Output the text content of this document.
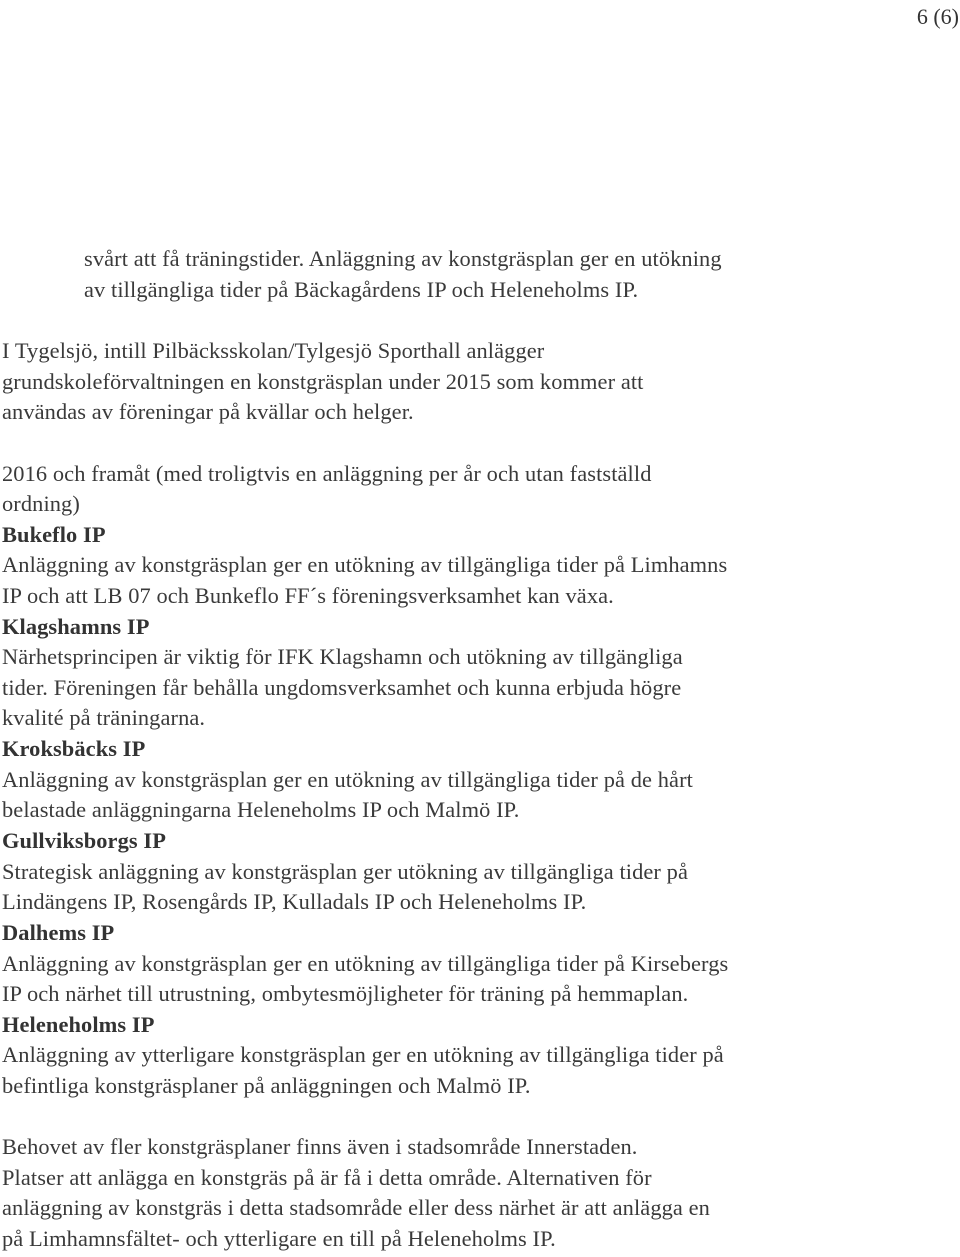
6 (6)
svårt att få träningstider. Anläggning av konstgräsplan ger en utökning
av tillgängliga tider på Bäckagårdens IP och Heleneholms IP.
I Tygelsjö, intill Pilbäcksskolan/Tylgesjö Sporthall anlägger
grundskoleförvaltningen en konstgräsplan under 2015 som kommer att
användas av föreningar på kvällar och helger.
2016 och framåt (med troligtvis en anläggning per år och utan fastställd
ordning)
Bukeflo IP
Anläggning av konstgräsplan ger en utökning av tillgängliga tider på Limhamns
IP och att LB 07 och Bunkeflo FF´s föreningsverksamhet kan växa.
Klagshamns IP
Närhetsprincipen är viktig för IFK Klagshamn och utökning av tillgängliga
tider. Föreningen får behålla ungdomsverksamhet och kunna erbjuda högre
kvalité på träningarna.
Kroksbäcks IP
Anläggning av konstgräsplan ger en utökning av tillgängliga tider på de hårt
belastade anläggningarna Heleneholms IP och Malmö IP.
Gullviksborgs IP
Strategisk anläggning av konstgräsplan ger utökning av tillgängliga tider på
Lindängens IP, Rosengårds IP, Kulladals IP och Heleneholms IP.
Dalhems IP
Anläggning av konstgräsplan ger en utökning av tillgängliga tider på Kirsebergs
IP och närhet till utrustning, ombytesmöjligheter för träning på hemmaplan.
Heleneholms IP
Anläggning av ytterligare konstgräsplan ger en utökning av tillgängliga tider på
befintliga konstgräsplaner på anläggningen och Malmö IP.
Behovet av fler konstgräsplaner finns även i stadsområde Innerstaden.
Platser att anlägga en konstgräs på är få i detta område. Alternativen för
anläggning av konstgräs i detta stadsområde eller dess närhet är att anlägga en
på Limhamnsfältet- och ytterligare en till på Heleneholms IP.
